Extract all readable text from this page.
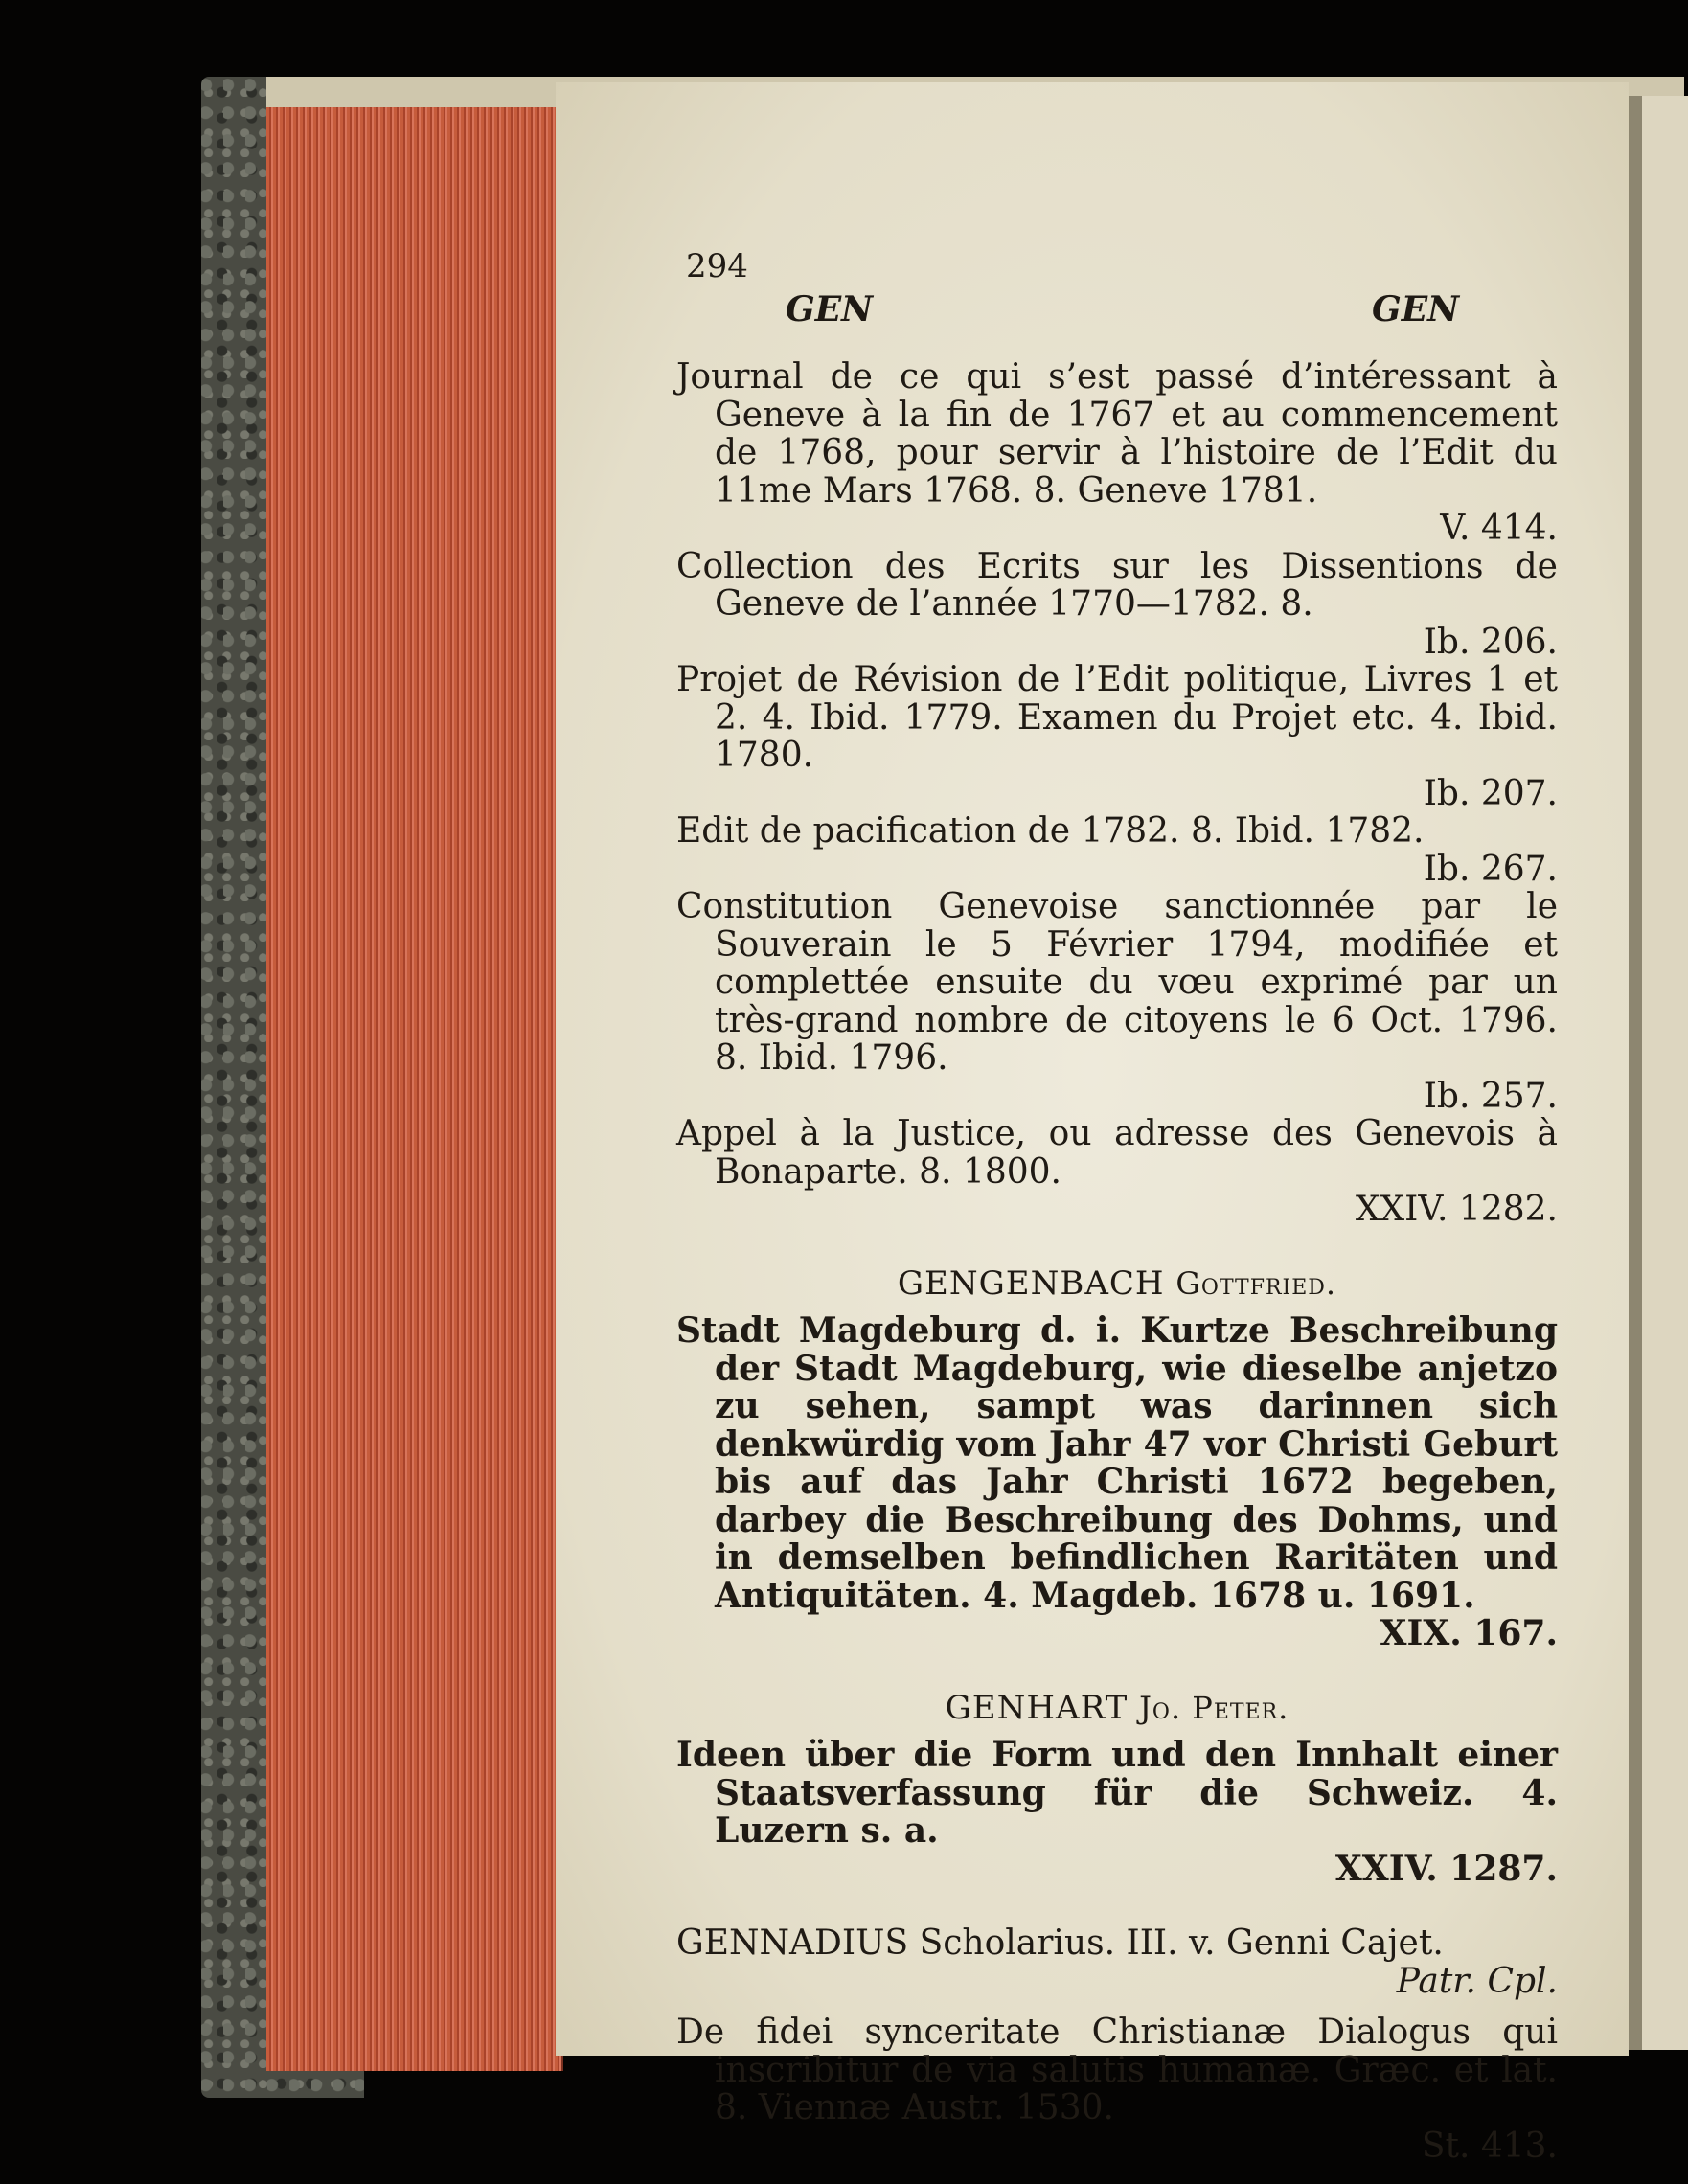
294
GEN	GEN

Journal de ce qui s’est passé d’intéressant à Geneve à la fin de 1767 et au commencement de 1768, pour servir à l’histoire de l’Edit du 11me Mars 1768. 8. Geneve 1781.
V. 414.

Collection des Ecrits sur les Dissentions de Geneve de l’année 1770—1782. 8.
Ib. 206.

Projet de Révision de l’Edit politique, Livres 1 et 2. 4. Ibid. 1779. Examen du Projet etc. 4. Ibid. 1780.
Ib. 207.

Edit de pacification de 1782. 8. Ibid. 1782.
Ib. 267.

Constitution Genevoise sanctionnée par le Souverain le 5 Février 1794, modifiée et complettée ensuite du vœu exprimé par un très-grand nombre de citoyens le 6 Oct. 1796. 8. Ibid. 1796.
Ib. 257.

Appel à la Justice, ou adresse des Genevois à Bonaparte. 8. 1800.
XXIV. 1282.

GENGENBACH Gottfried.

Stadt Magdeburg d. i. Kurtze Beschreibung der Stadt Magdeburg, wie dieselbe anjetzo zu sehen, sampt was darinnen sich denkwürdig vom Jahr 47 vor Christi Geburt bis auf das Jahr Christi 1672 begeben, darbey die Beschreibung des Dohms, und in demselben befindlichen Raritäten und Antiquitäten. 4. Magdeb. 1678 u. 1691.
XIX. 167.

GENHART Jo. Peter.

Ideen über die Form und den Innhalt einer Staatsverfassung für die Schweiz. 4. Luzern s. a.
XXIV. 1287.

GENNADIUS Scholarius. III. v. Genni Cajet.
Patr. Cpl.

De fidei synceritate Christianæ Dialogus qui inscribitur de via salutis humanæ. Græc. et lat. 8. Viennæ Austr. 1530.
St. 413.
